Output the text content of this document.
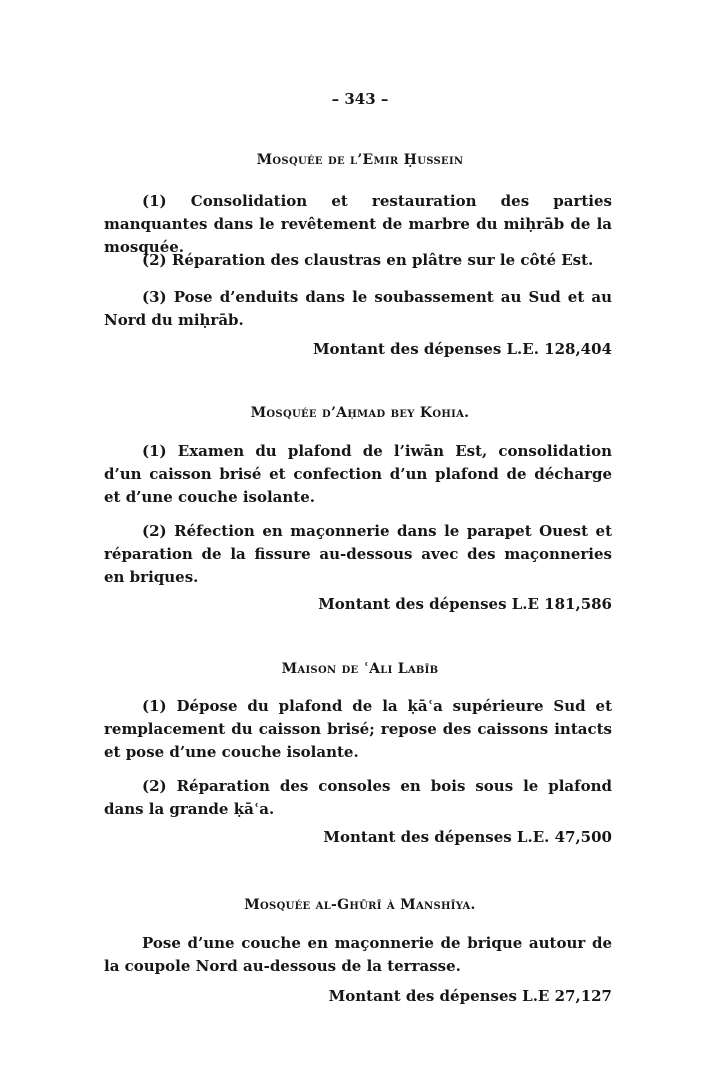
– 343 –
Mosquée de l’Emir Ḥussein

(1) Consolidation et restauration des parties manquantes dans le revêtement de marbre du miḥrāb de la mosquée.

(2) Réparation des claustras en plâtre sur le côté Est.

(3) Pose d’enduits dans le soubassement au Sud et au Nord du miḥrāb.

Montant des dépenses L.E. 128,404
Mosquée d’Aḥmad bey Kohia.

(1) Examen du plafond de l’iwān Est, consolidation d’un caisson brisé et confection d’un plafond de décharge et d’une couche isolante.

(2) Réfection en maçonnerie dans le parapet Ouest et réparation de la fissure au-dessous avec des maçonneries en briques.

Montant des dépenses L.E 181,586
Maison de ʿAli Labīb

(1) Dépose du plafond de la ḳāʿa supérieure Sud et remplacement du caisson brisé; repose des caissons intacts et pose d’une couche isolante.

(2) Réparation des consoles en bois sous le plafond dans la grande ḳāʿa.

Montant des dépenses L.E. 47,500
Mosquée al-Ghūrī à Manshīya.

Pose d’une couche en maçonnerie de brique autour de la coupole Nord au-dessous de la terrasse.

Montant des dépenses L.E 27,127
